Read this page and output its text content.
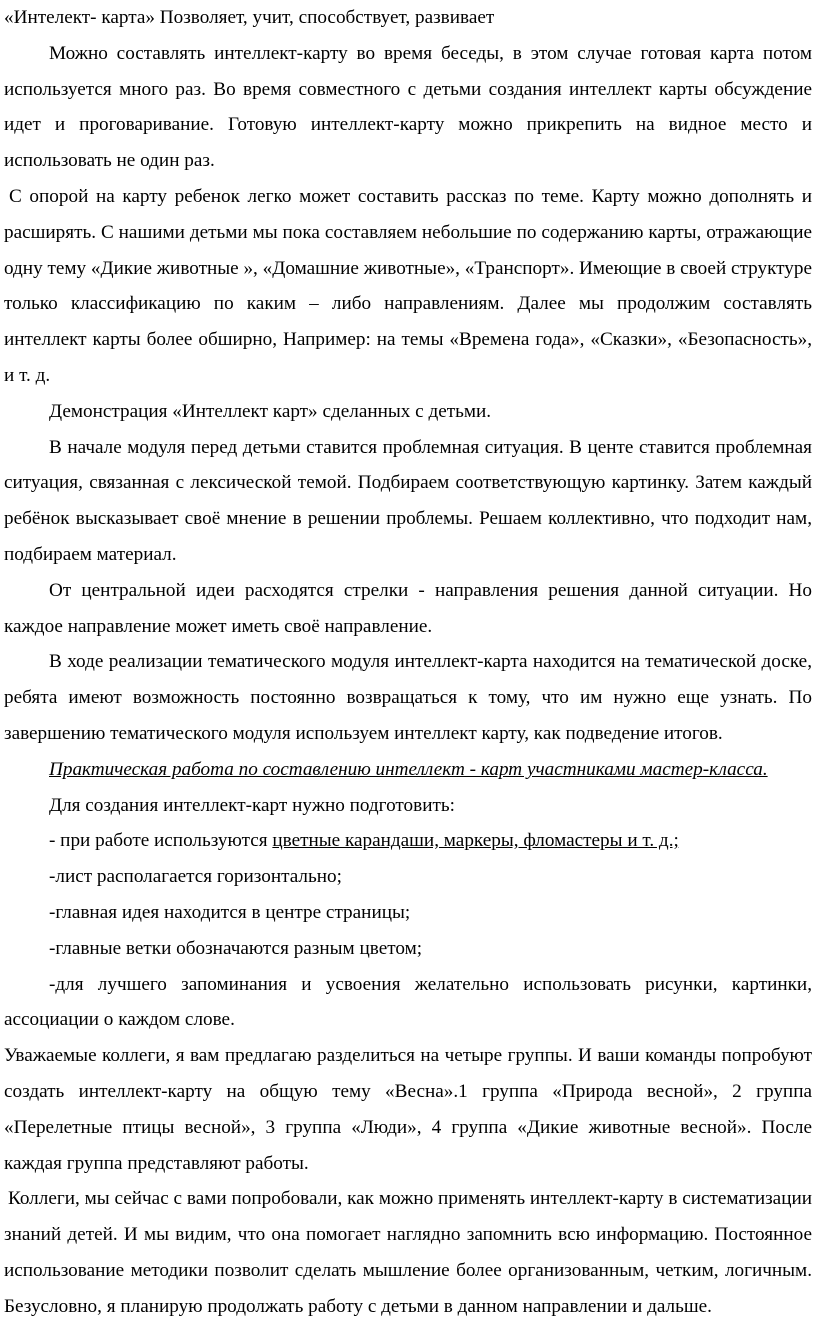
«Интелект- карта» Позволяет, учит, способствует, развивает

Можно составлять интеллект-карту во время беседы, в этом случае готовая карта потом используется много раз. Во время совместного с детьми создания интеллект карты обсуждение идет и проговаривание. Готовую интеллект-карту можно прикрепить на видное место и использовать не один раз.

С опорой на карту ребенок легко может составить рассказ по теме. Карту можно дополнять и расширять. С нашими детьми мы пока составляем небольшие по содержанию карты, отражающие одну тему «Дикие животные », «Домашние животные», «Транспорт». Имеющие в своей структуре только классификацию по каким – либо направлениям. Далее мы продолжим составлять интеллект карты более обширно, Например: на темы «Времена года», «Сказки», «Безопасность», и т. д.

Демонстрация «Интеллект карт» сделанных с детьми.

В начале модуля перед детьми ставится проблемная ситуация. В центе ставится проблемная ситуация, связанная с лексической темой. Подбираем соответствующую картинку. Затем каждый ребёнок высказывает своё мнение в решении проблемы. Решаем коллективно, что подходит нам, подбираем материал.

От центральной идеи расходятся стрелки - направления решения данной ситуации. Но каждое направление может иметь своё направление.

В ходе реализации тематического модуля интеллект-карта находится на тематической доске, ребята имеют возможность постоянно возвращаться к тому, что им нужно еще узнать. По завершению тематического модуля используем интеллект карту, как подведение итогов.

Практическая работа по составлению интеллект - карт участниками мастер-класса.

Для создания интеллект-карт нужно подготовить:

- при работе используются цветные карандаши, маркеры, фломастеры и т. д.;

-лист располагается горизонтально;

-главная идея находится в центре страницы;

-главные ветки обозначаются разным цветом;

-для лучшего запоминания и усвоения желательно использовать рисунки, картинки, ассоциации о каждом слове.

Уважаемые коллеги, я вам предлагаю разделиться на четыре группы. И ваши команды попробуют создать интеллект-карту на общую тему «Весна».1 группа «Природа весной», 2 группа «Перелетные птицы весной», 3 группа «Люди», 4 группа «Дикие животные весной». После каждая группа представляют работы.

Коллеги, мы сейчас с вами попробовали, как можно применять интеллект-карту в систематизации знаний детей. И мы видим, что она помогает наглядно запомнить всю информацию. Постоянное использование методики позволит сделать мышление более организованным, четким, логичным. Безусловно, я планирую продолжать работу с детьми в данном направлении и дальше.
